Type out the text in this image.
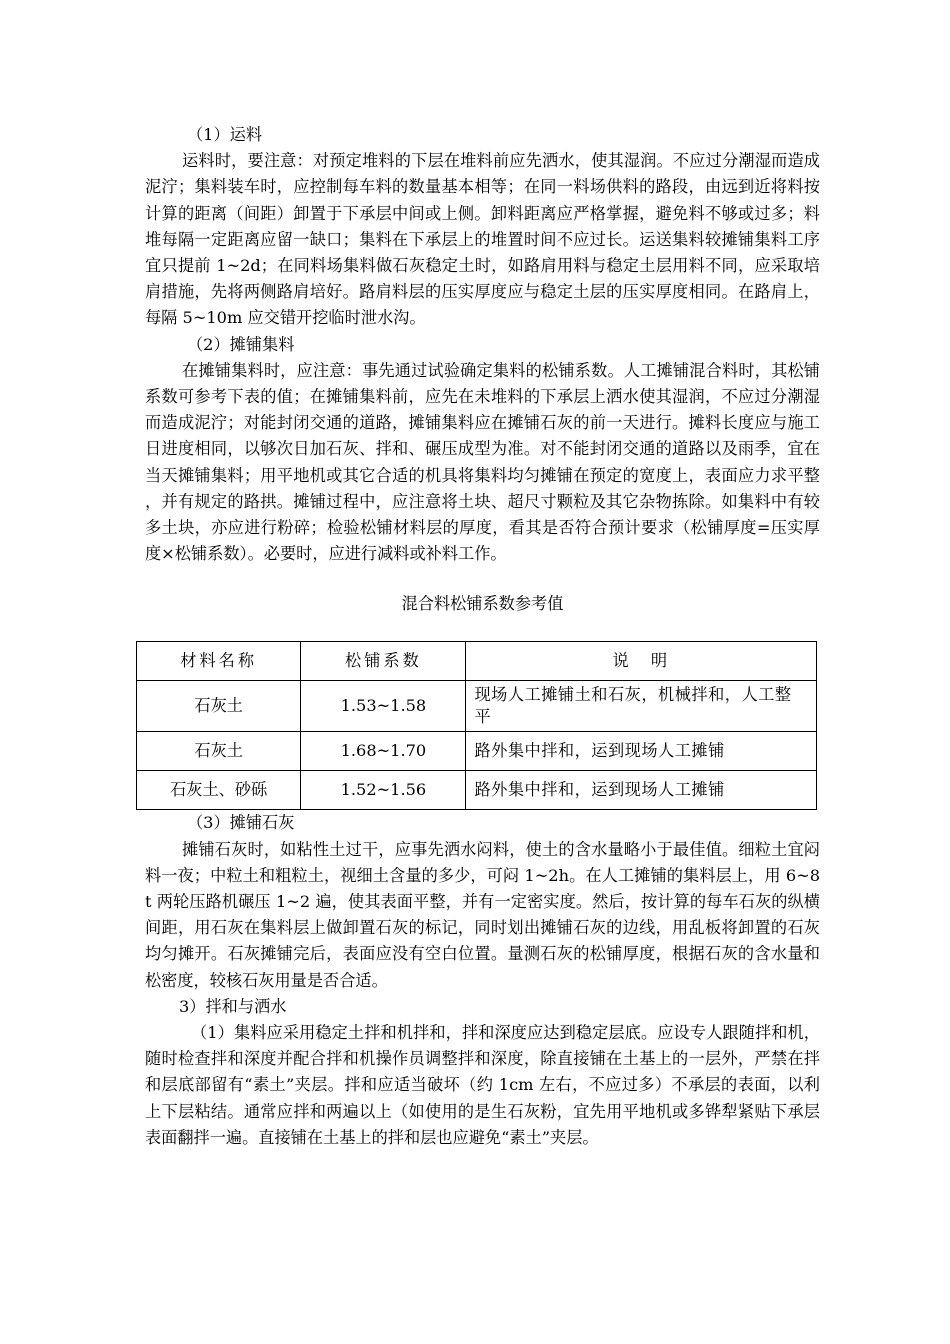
（1）运料

运料时，要注意：对预定堆料的下层在堆料前应先洒水，使其湿润。不应过分潮湿而造成泥泞；集料装车时，应控制每车料的数量基本相等；在同一料场供料的路段，由远到近将料按计算的距离（间距）卸置于下承层中间或上侧。卸料距离应严格掌握，避免料不够或过多；料堆每隔一定距离应留一缺口；集料在下承层上的堆置时间不应过长。运送集料较摊铺集料工序宜只提前 1~2d；在同料场集料做石灰稳定土时，如路肩用料与稳定土层用料不同，应采取培肩措施，先将两侧路肩培好。路肩料层的压实厚度应与稳定土层的压实厚度相同。在路肩上，每隔 5~10m 应交错开挖临时泄水沟。

（2）摊铺集料

在摊铺集料时，应注意：事先通过试验确定集料的松铺系数。人工摊铺混合料时，其松铺系数可参考下表的值；在摊铺集料前，应先在未堆料的下承层上洒水使其湿润，不应过分潮湿而造成泥泞；对能封闭交通的道路，摊铺集料应在摊铺石灰的前一天进行。摊料长度应与施工日进度相同，以够次日加石灰、拌和、碾压成型为准。对不能封闭交通的道路以及雨季，宜在当天摊铺集料；用平地机或其它合适的机具将集料均匀摊铺在预定的宽度上，表面应力求平整，并有规定的路拱。摊铺过程中，应注意将土块、超尺寸颗粒及其它杂物拣除。如集料中有较多土块，亦应进行粉碎；检验松铺材料层的厚度，看其是否符合预计要求（松铺厚度=压实厚度×松铺系数）。必要时，应进行减料或补料工作。

混合料松铺系数参考值

材料名称	松铺系数	说　明
石灰土	1.53~1.58	现场人工摊铺土和石灰，机械拌和，人工整平
石灰土	1.68~1.70	路外集中拌和，运到现场人工摊铺
石灰土、砂砾	1.52~1.56	路外集中拌和，运到现场人工摊铺

（3）摊铺石灰

摊铺石灰时，如粘性土过干，应事先洒水闷料，使土的含水量略小于最佳值。细粒土宜闷料一夜；中粒土和粗粒土，视细土含量的多少，可闷 1~2h。在人工摊铺的集料层上，用 6~8t 两轮压路机碾压 1~2 遍，使其表面平整，并有一定密实度。然后，按计算的每车石灰的纵横间距，用石灰在集料层上做卸置石灰的标记，同时划出摊铺石灰的边线，用乱板将卸置的石灰均匀摊开。石灰摊铺完后，表面应没有空白位置。量测石灰的松铺厚度，根据石灰的含水量和松密度，较核石灰用量是否合适。

3）拌和与洒水

（1）集料应采用稳定土拌和机拌和，拌和深度应达到稳定层底。应设专人跟随拌和机，随时检查拌和深度并配合拌和机操作员调整拌和深度，除直接铺在土基上的一层外，严禁在拌和层底部留有“素土”夹层。拌和应适当破坏（约 1cm 左右，不应过多）不承层的表面，以利上下层粘结。通常应拌和两遍以上（如使用的是生石灰粉，宜先用平地机或多铧犁紧贴下承层表面翻拌一遍。直接铺在土基上的拌和层也应避免“素土”夹层。
